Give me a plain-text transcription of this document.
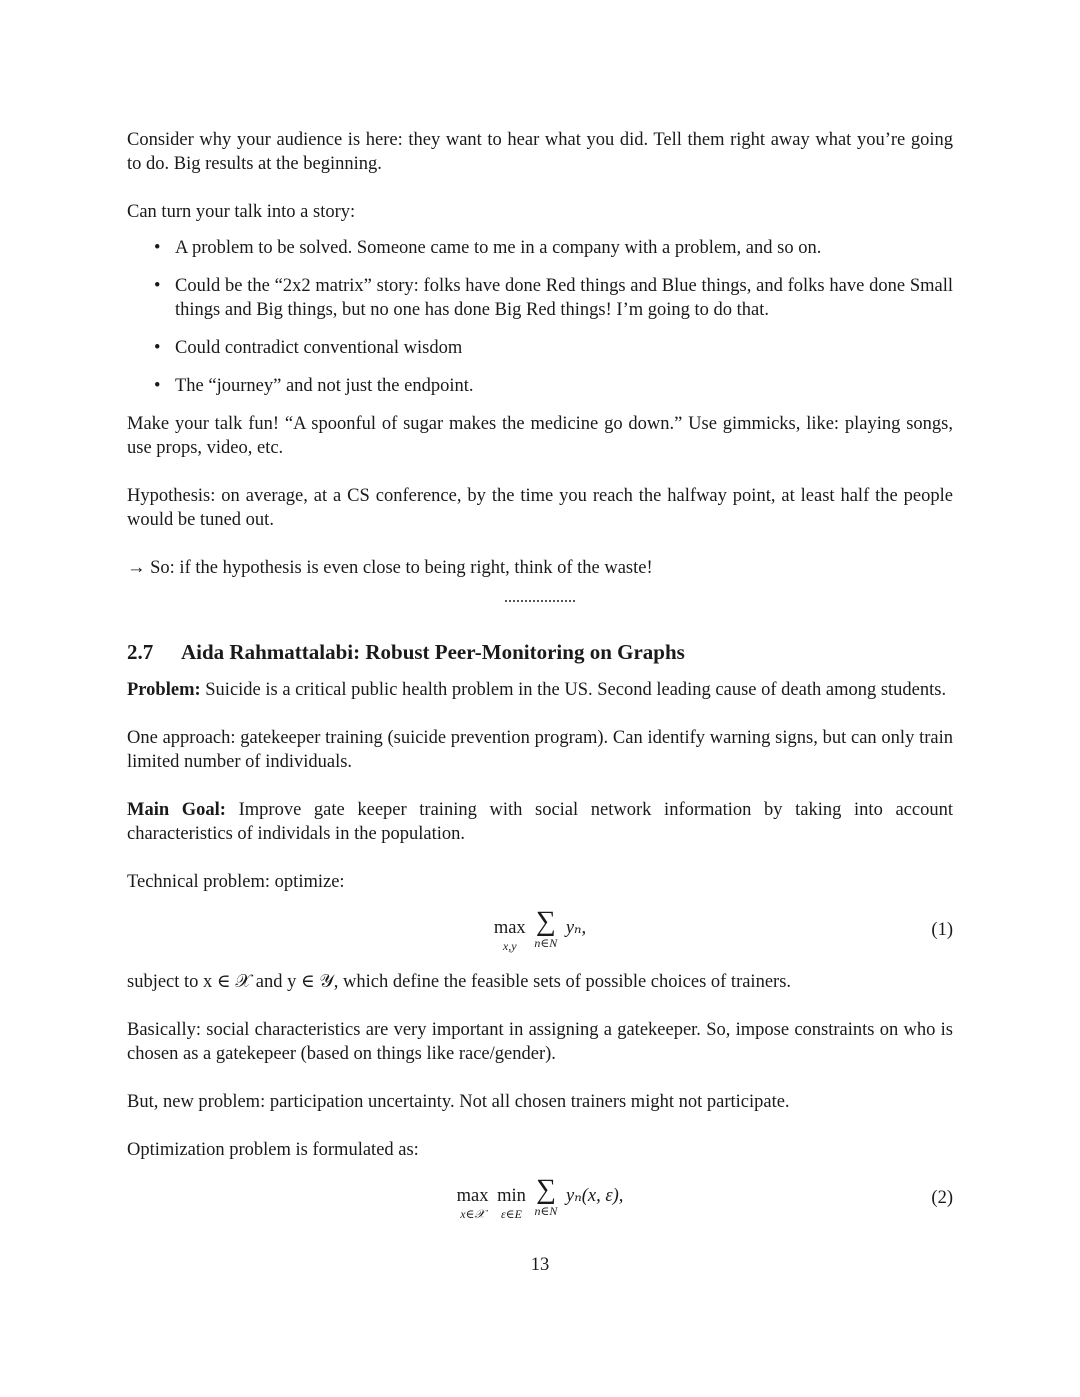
Consider why your audience is here: they want to hear what you did. Tell them right away what you’re going to do. Big results at the beginning.

Can turn your talk into a story:

• A problem to be solved. Someone came to me in a company with a problem, and so on.
• Could be the “2x2 matrix” story: folks have done Red things and Blue things, and folks have done Small things and Big things, but no one has done Big Red things! I’m going to do that.
• Could contradict conventional wisdom
• The “journey” and not just the endpoint.

Make your talk fun! “A spoonful of sugar makes the medicine go down.” Use gimmicks, like: playing songs, use props, video, etc.

Hypothesis: on average, at a CS conference, by the time you reach the halfway point, at least half the people would be tuned out.

→ So: if the hypothesis is even close to being right, think of the waste!

2.7 Aida Rahmattalabi: Robust Peer-Monitoring on Graphs

Problem: Suicide is a critical public health problem in the US. Second leading cause of death among students.

One approach: gatekeeper training (suicide prevention program). Can identify warning signs, but can only train limited number of individuals.

Main Goal: Improve gate keeper training with social network information by taking into account characteristics of individals in the population.

Technical problem: optimize:

max
x,y

∑
n∈N
yₙ,	(1)

subject to x ∈ 𝒳 and y ∈ 𝒴, which define the feasible sets of possible choices of trainers.

Basically: social characteristics are very important in assigning a gatekeeper. So, impose constraints on who is chosen as a gatekepeer (based on things like race/gender).

But, new problem: participation uncertainty. Not all chosen trainers might not participate.

Optimization problem is formulated as:

max
x∈𝒳
min
ε∈E

∑
n∈N
yₙ(x, ε),	(2)
13
